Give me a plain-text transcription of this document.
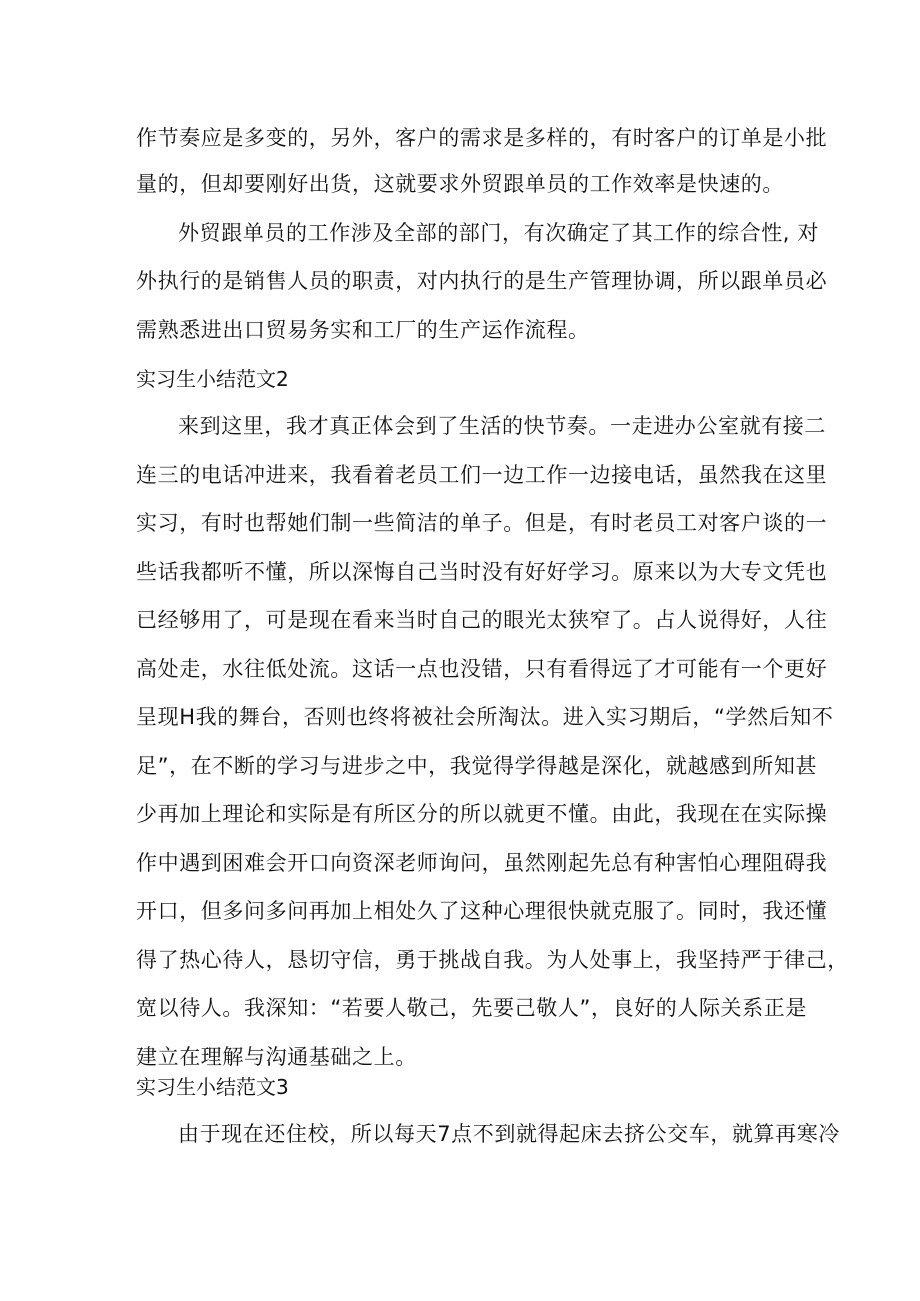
作节奏应是多变的，另外，客户的需求是多样的，有时客户的订单是小批
量的，但却要刚好出货，这就要求外贸跟单员的工作效率是快速的。
外贸跟单员的工作涉及全部的部门，有次确定了其工作的综合性, 对
外执行的是销售人员的职责，对内执行的是生产管理协调，所以跟单员必
需熟悉进出口贸易务实和工厂的生产运作流程。
实习生小结范文2
来到这里，我才真正体会到了生活的快节奏。一走进办公室就有接二
连三的电话冲进来，我看着老员工们一边工作一边接电话，虽然我在这里
实习，有时也帮她们制一些简洁的单子。但是，有时老员工对客户谈的一
些话我都听不懂，所以深悔自己当时没有好好学习。原来以为大专文凭也
已经够用了，可是现在看来当时自己的眼光太狭窄了。占人说得好，人往
高处走，水往低处流。这话一点也没错，只有看得远了才可能有一个更好
呈现H我的舞台，否则也终将被社会所淘汰。进入实习期后，“学然后知不
足”，在不断的学习与进步之中，我觉得学得越是深化，就越感到所知甚
少再加上理论和实际是有所区分的所以就更不懂。由此，我现在在实际操
作中遇到困难会开口向资深老师询问，虽然刚起先总有种害怕心理阻碍我
开口，但多问多问再加上相处久了这种心理很快就克服了。同时，我还懂
得了热心待人，恳切守信，勇于挑战自我。为人处事上，我坚持严于律己，
宽以待人。我深知：“若要人敬己，先要己敬人”，良好的人际关系正是
建立在理解与沟通基础之上。
实习生小结范文3
由于现在还住校，所以每天7点不到就得起床去挤公交车，就算再寒冷
